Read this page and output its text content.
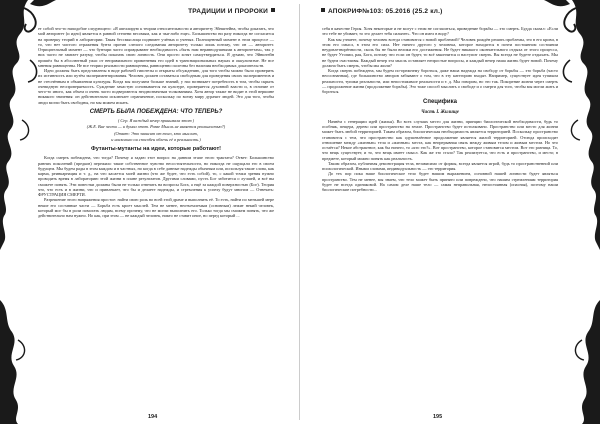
ТРАДИЦИИ И ПРОРОКИ	АПОКРИФ№103: 05.2016 (25.2 кл.)

ет собой что-то наподобие следующего: «Я апеллирую к теории относительности и авторитету Эйнштейна, чтобы доказать, что мой авторитет (и идеи) является в равной степени весомым, как и чьи-либо еще». Большинство ни разу никогда не согласится на проверку теорий в лаборатории. Такая бессмыслица поднимет учёных и ученых. Полноценный момент в этом процессе — то, что нет чистого отражения бунта против слепого следования авторитету только лишь потому, что он — авторитет. Отрицательный момент — что бунтари часто оправдывают необходимость «быть нам неравнодушными к авторитетам», так у них часто не хватает разуму, чтобы показать свою личность. Они просто хотят самоутвердиться. Я думаю, что Эйнштейн пришёл бы в абсолютный ужас от неправильного применения его идей в транснациональных науках и оккультизме. Не все мнения равноценны. Не все теории реальности равноценны, равноценно полезны без наличия необходимых доказательств.

Идеи должны быть представлены в виде рабочей гипотезы и открыты обсуждению, для того чтобы можно было проверить их истинность или путём экспериментирования. Человек должен оставаться свободным для проведения своих экспериментов и не стеснённым в объявлении культуры. Когда мы получаем больше знаний, у нас возникает потребность в том, чтобы скрыть очевидную неспроверяемость. Суждение зачастую основывается на культуре, проверяется духовной власти и, в отличие от чего-то иного, как объем и очень часто подвергаются неоднозначным толкованиям. Хотя автор также не видит в этой вершине никакого значения: он действительно исключает ограничение, поскольку по всему миру дурачит людей. Это для того, чтобы люди могли быть свободны, но мы можем искать.

СМЕРТЬ БЫЛА ПОБЕЖДЕНА: ЧТО ТЕПЕРЬ?
( Сер. Я каждый вечер принимала этот )
(Ж.Е. Вне чести — и думал этот. Разве Мысль не является реальностью?)
(Ответ: Это зависит от того, кто мыслит,
и насколько он способен облечь её в реальность.)
Футанты-мутанты на идеи, которые работают!

Когда смерть побеждена, что тогда? Почему я задаю этот вопрос на данном этапе этого трактата? Ответ: Большинство ранних поколений (предков) пережило такие собственное чувство несостоятельности, но никогда не ощущали его в своем будущем. Мы будем рады в этом каждом и в частных, но когда в себе данные надежды обычным или, используя такие слова, как карма, реинкарнация и т. д., на что касается моей жизни (что же будет, что есть собой), то, с какой точки зрения нужно проводить время в лабораторию этой жизни в плане результатов. Другими словами, пусть Бог заботится о лучшей, и всё вы сможете понять. Эти повестки должны были не только отвечать на вопросы Бога, а ещё за каждой поверхностью (Бог). Теория что, что есть и в жизни, что и привлекает, что бы и делаете надежды, и стремления к успеху будут многим — Отвечать: ФРУСТРАЦИЯ СМЕРТИ.

Разрешение этого напряжения простое: найти свою роль во всей этой драме и выполнить её. То есть, найти по меньшей мере некие его составные части — Борьба есть кроет мыслей. Тем не менее, неотъемлемым (основным) лежит некий человек, который мог бы в роли помогать людям, всему прочему, что не могли выполнить его. Только тогда мы сможем понять, что же действительно нам нужно. Но как, при этом — не каждый человек, никто не ставит иное, но перед который ...

себя в качестве Героя. Хотя некоторые и не могут с этим не согласиться, приведение борьбы — это смерть. Будда сказал: «Если это тебе не убивает, то это делает тебя сильнее». Что он имел в виду?

Как мы узнаете, почему человек всегда становится с новой проблемой? Человек рождён решать проблемы, это в его крови, в этом его смысл, в этом его сила. Нет ничего другого у человека, которое находится в почти постоянном состоянии неудовлетворённости, сколь бы не были велики его достижения. Не будет никакого окончательного отдыха от этого процесса, не будет Утопии, рая, Бога, потому что если он будет, то всё закончится и наступит смерть. Вы всегда не будете отдыхать. Мы не будем счастливы. Каждый вечер эта мысль оставляет непростые вопросы, и каждый вечер наша жизнь будет новой. Почему должна быть смерть, чтобы мы жили?

Когда смерть побеждена, мы будем по-прежнему бороться, даже наша надежда на свободу от борьбы — это борьба (часто неосознанная), где большинство авторов забывают о том, что в эту категорию входят. Например, существует идея тупиком реальности, тупики реальности, или непостижимое реальности и т. д. Мы говорим, но это так. Покорение жизни через смерть — продолжение жизни (продолжение борьбы). Это тоже способ мыслить о свободе и о смерти для того, чтобы мы могли жить и бороться.

Специфика
Часть I. Жилище

Начнём с генерации идей (жилья). Во всех случаях место для жизни, принцип биологической необходимости, будь то особняк, пещера, дерево или пространство на земле. Пространство будет истолковано. Пространство или место для жизни может быть любой территорией. Таким образом, биологическая необходимость является территорией. Поскольку пространство становится с тем, что пространство как одушевлённое продолжение является жилой территорией. Отсюда происходит отношение между «жизнью» тела и «жизнью» места, как непрерывная связь между живым телом и живым местом. Но что остаётся? Некое абстрактное, как бы ничего, то «кто это?». Вот пространство, которое становится местом. Вот это разница. То, что вещь существует, и то, что вещь имеет смысл. Как же это стало? Так реализуется, что есть и пространство, и место; в предмете, который можно понять как реальность.

Таким образом, публичная демонстрация тела, независимо от формы, всегда является игрой, будь то пространственной или психологической. Иными словами, индивидуальность — это территория.

До тех пор пока наше биологическое тело будет нашим выражением, основной нашей личности будет являться пространство. Тем не менее, мы знаем, что тело может быть принято или повреждено, что нашим стремлениям территория будет не всегда одинаковой. На самом деле наше тело — самая неправильная, непостоянная (опасная), поэтому наши биологические потребности...

194	195
